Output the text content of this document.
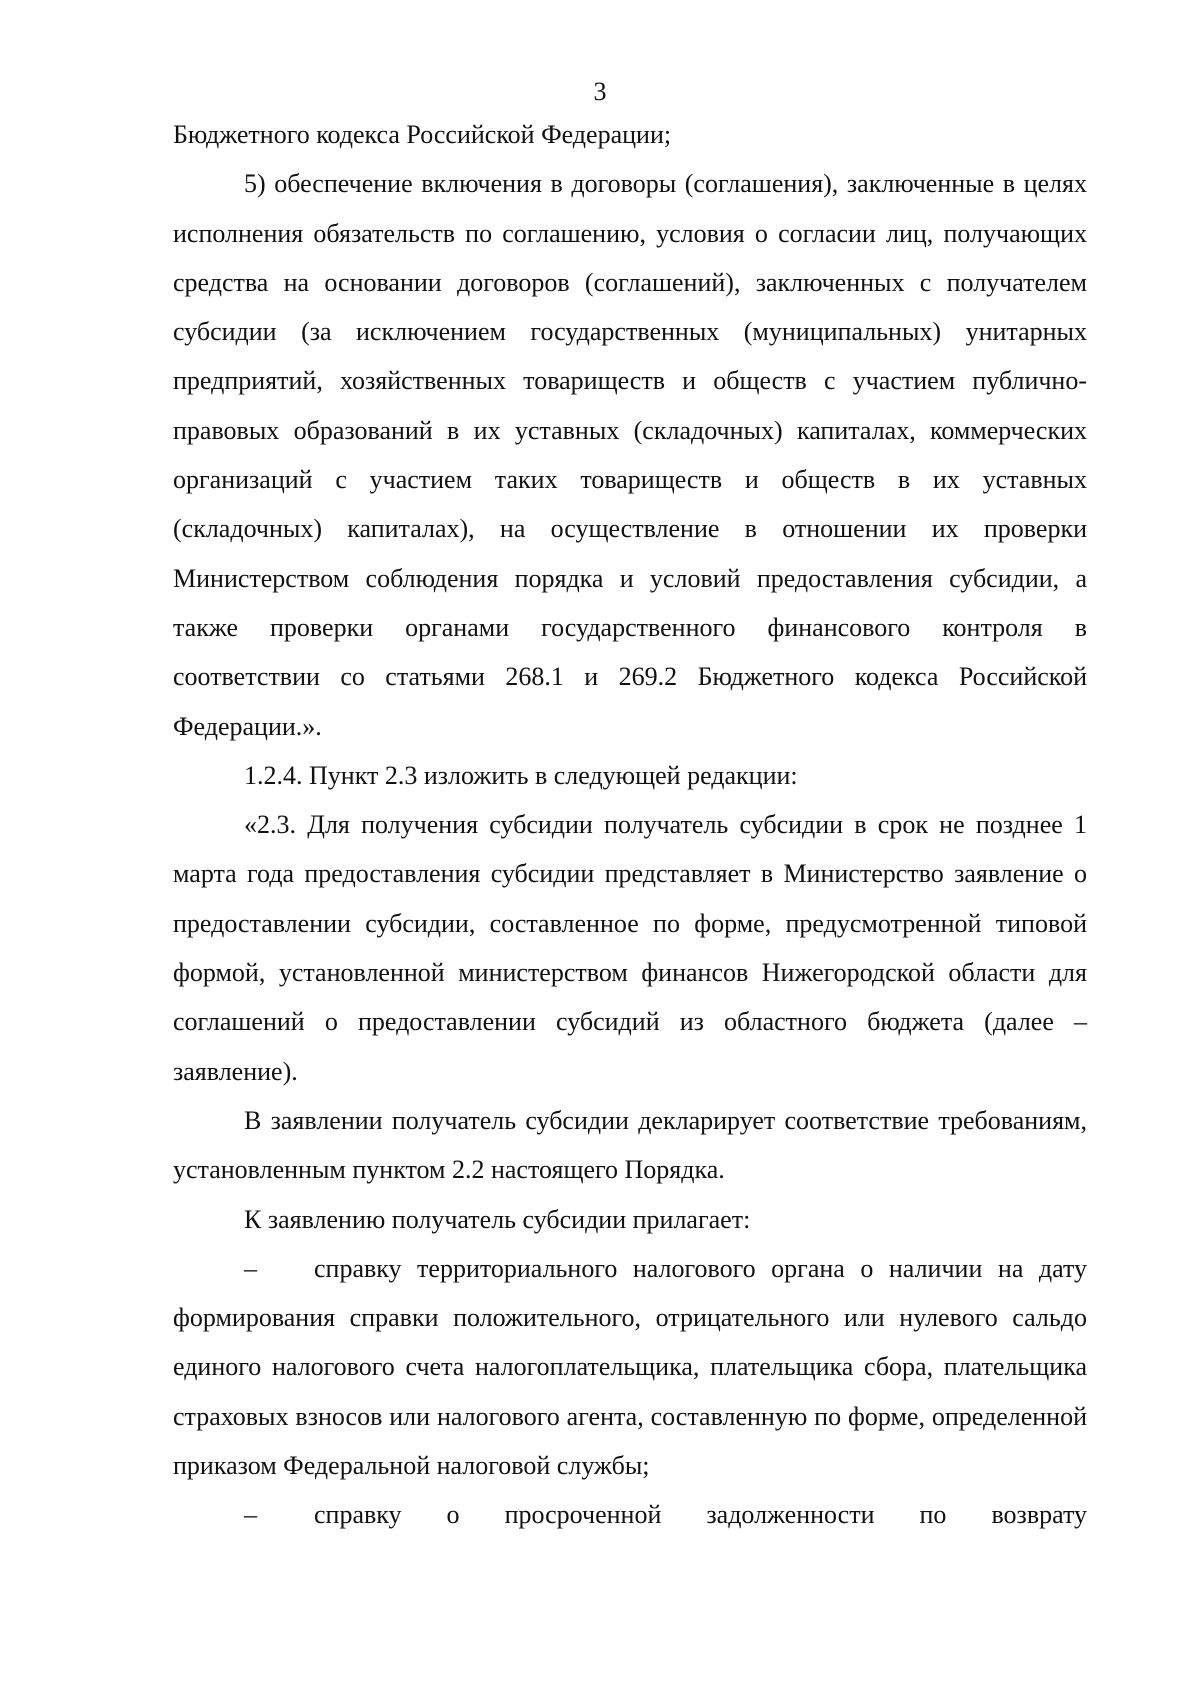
3

Бюджетного кодекса Российской Федерации;

5) обеспечение включения в договоры (соглашения), заключенные в целях исполнения обязательств по соглашению, условия о согласии лиц, получающих средства на основании договоров (соглашений), заключенных с получателем субсидии (за исключением государственных (муниципальных) унитарных предприятий, хозяйственных товариществ и обществ с участием публично-правовых образований в их уставных (складочных) капиталах, коммерческих организаций с участием таких товариществ и обществ в их уставных (складочных) капиталах), на осуществление в отношении их проверки Министерством соблюдения порядка и условий предоставления субсидии, а также проверки органами государственного финансового контроля в соответствии со статьями 268.1 и 269.2 Бюджетного кодекса Российской Федерации.».

1.2.4. Пункт 2.3 изложить в следующей редакции:

«2.3. Для получения субсидии получатель субсидии в срок не позднее 1 марта года предоставления субсидии представляет в Министерство заявление о предоставлении субсидии, составленное по форме, предусмотренной типовой формой, установленной министерством финансов Нижегородской области для соглашений о предоставлении субсидий из областного бюджета (далее – заявление).

В заявлении получатель субсидии декларирует соответствие требованиям, установленным пунктом 2.2 настоящего Порядка.

К заявлению получатель субсидии прилагает:

– справку территориального налогового органа о наличии на дату формирования справки положительного, отрицательного или нулевого сальдо единого налогового счета налогоплательщика, плательщика сбора, плательщика страховых взносов или налогового агента, составленную по форме, определенной приказом Федеральной налоговой службы;

– справку о просроченной задолженности по возврату
